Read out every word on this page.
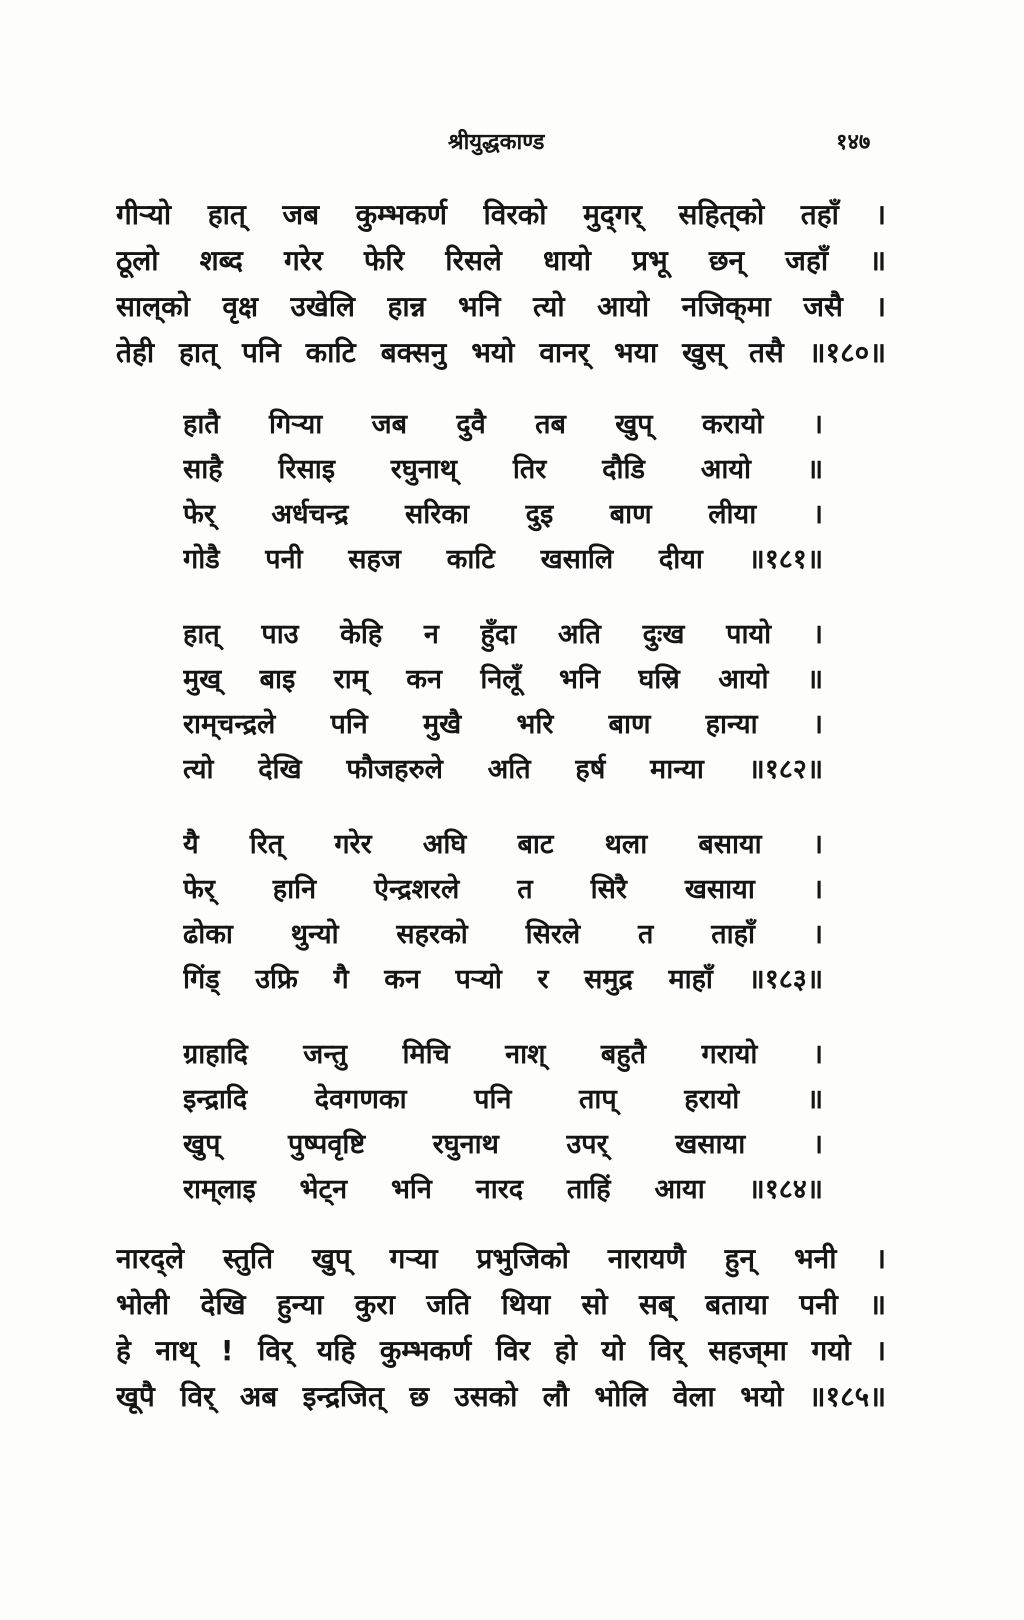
श्रीयुद्धकाण्ड	१४७
गीऱ्यो हात् जब कुम्भकर्ण विरको मुद्‍गर् सहित्‌को तहाँ ।
ठूलो शब्द गरेर फेरि रिसले धायो प्रभू छन् जहाँ ॥
साल्‌को वृक्ष उखेलि हान्न भनि त्यो आयो नजिक्‌मा जसै ।
तेही हात् पनि काटि बक्सनु भयो वानर् भया खुस् तसै ॥१८०॥
हातै गिऱ्या जब दुवै तब खुप् करायो ।
साहै रिसाइ रघुनाथ् तिर दौडि आयो ॥
फेर् अर्धचन्द्र सरिका दुइ बाण लीया ।
गोडै पनी सहज काटि खसालि दीया ॥१८१॥
हात् पाउ केहि न हुँदा अति दुःख पायो ।
मुख् बाइ राम् कन निलूँ भनि घस्रि आयो ॥
राम्‌चन्द्रले पनि मुखै भरि बाण हान्या ।
त्यो देखि फौजहरुले अति हर्ष मान्या ॥१८२॥
यै रित् गरेर अघि बाट थला बसाया ।
फेर् हानि ऐन्द्रशरले त सिरै खसाया ।
ढोका थुन्यो सहरको सिरले त ताहाँ ।
गिंड् उफ्रि गै कन पऱ्यो र समुद्र माहाँ ॥१८३॥
ग्राहादि जन्तु मिचि नाश् बहुतै गरायो ।
इन्द्रादि देवगणका पनि ताप् हरायो ॥
खुप् पुष्पवृष्टि रघुनाथ उपर् खसाया ।
राम्‌लाइ भेट्न भनि नारद ताहिं आया ॥१८४॥
नारद्‌ले स्तुति खुप् गऱ्या प्रभुजिको नारायणै हुन् भनी ।
भोली देखि हुन्या कुरा जति थिया सो सब् बताया पनी ॥
हे नाथ् ! विर् यहि कुम्भकर्ण विर हो यो विर् सहज्‌मा गयो ।
खूपै विर् अब इन्द्रजित् छ उसको लौ भोलि वेला भयो ॥१८५॥
